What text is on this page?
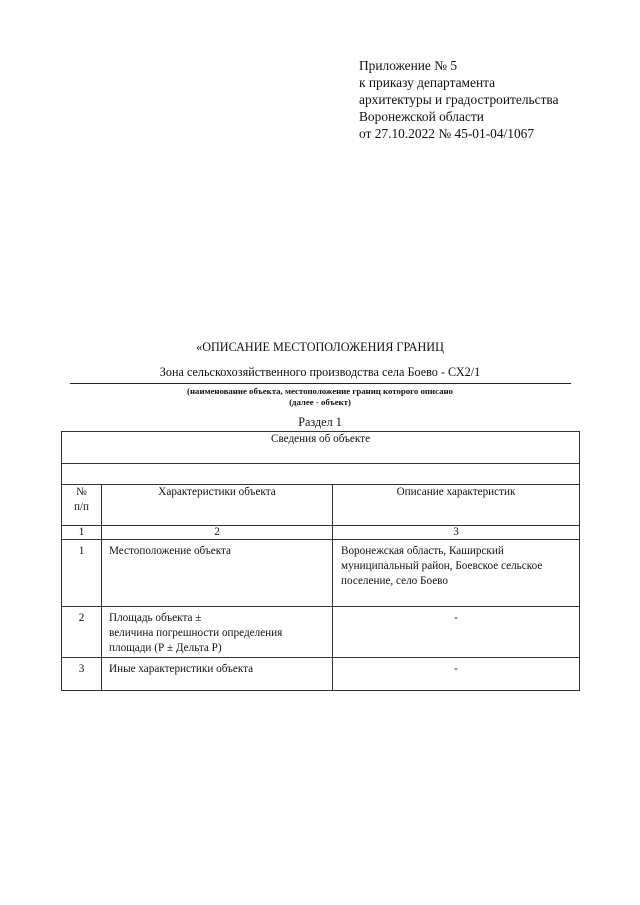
Приложение № 5
к приказу департамента
архитектуры и градостроительства
Воронежской области
от 27.10.2022 № 45-01-04/1067
«ОПИСАНИЕ МЕСТОПОЛОЖЕНИЯ ГРАНИЦ
Зона сельскохозяйственного производства села Боево - СХ2/1
(наименование объекта, местоположение границ которого описано
(далее - объект)
Раздел 1
Сведения об объекте		

№
п/п	Характеристики объекта	Описание характеристик
1	2	3
1	Местоположение объекта	Воронежская область, Каширский
муниципальный район, Боевское сельское
поселение, село Боево

2	Площадь объекта ±
величина погрешности определения
площади (Р ± Дельта Р)	-

3	Иные характеристики объекта	-
